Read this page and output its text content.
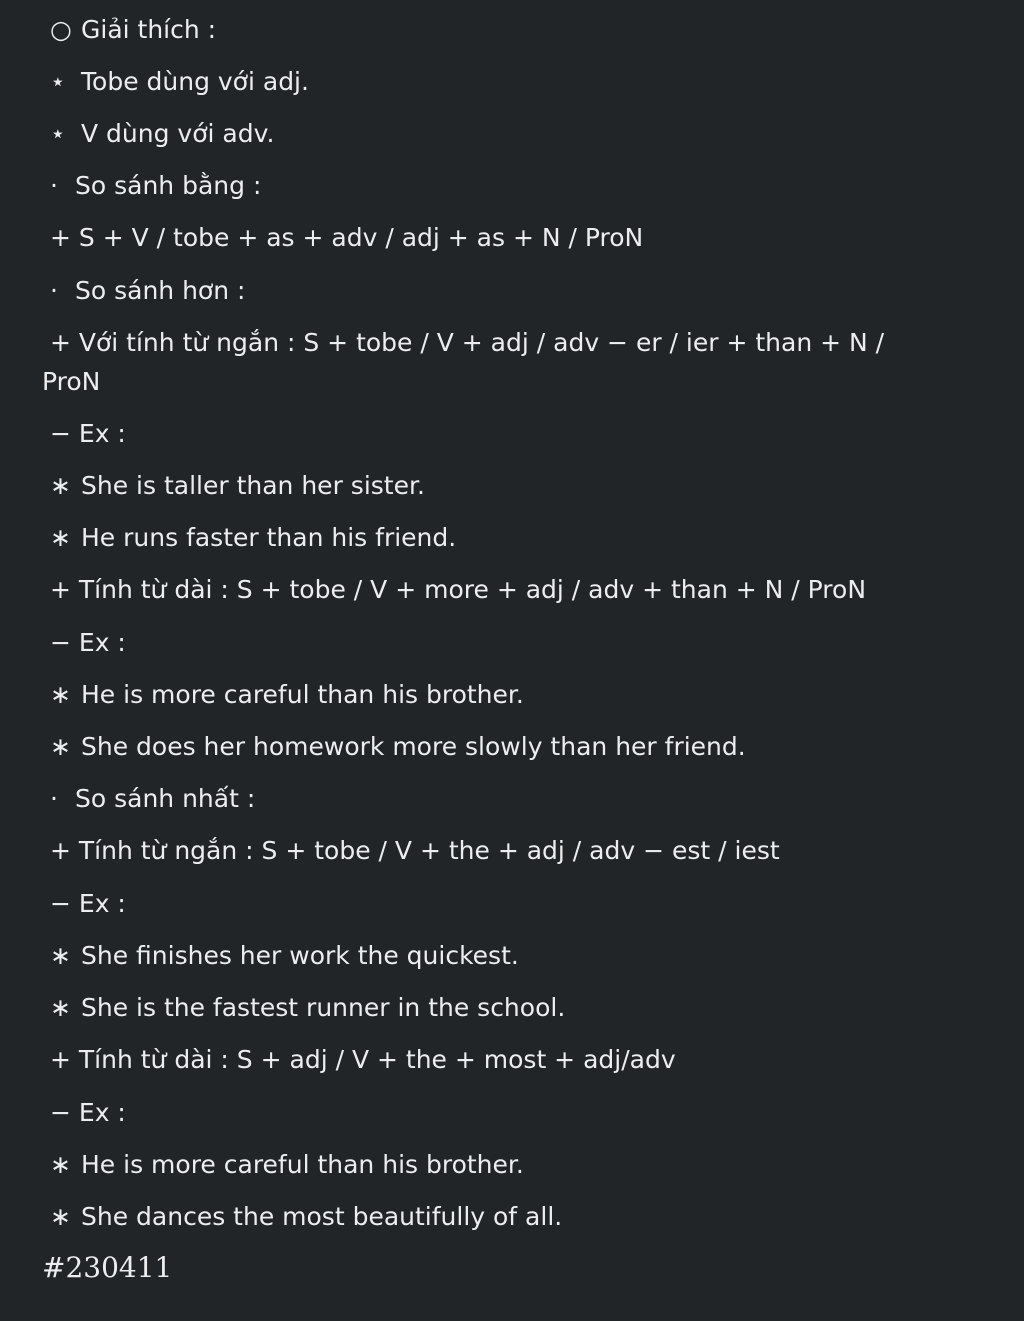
○ Giải thích :
⋆ Tobe dùng với adj.
⋆ V dùng với adv.
· So sánh bằng :
+ S + V / tobe + as + adv / adj + as + N / ProN
· So sánh hơn :
+ Với tính từ ngắn : S + tobe / V + adj / adv − er / ier + than + N /
ProN
− Ex :
∗ She is taller than her sister.
∗ He runs faster than his friend.
+ Tính từ dài : S + tobe / V + more + adj / adv + than + N / ProN
− Ex :
∗ He is more careful than his brother.
∗ She does her homework more slowly than her friend.
· So sánh nhất :
+ Tính từ ngắn : S + tobe / V + the + adj / adv − est / iest
− Ex :
∗ She finishes her work the quickest.
∗ She is the fastest runner in the school.
+ Tính từ dài : S + adj / V + the + most + adj/adv
− Ex :
∗ He is more careful than his brother.
∗ She dances the most beautifully of all.
#230411
